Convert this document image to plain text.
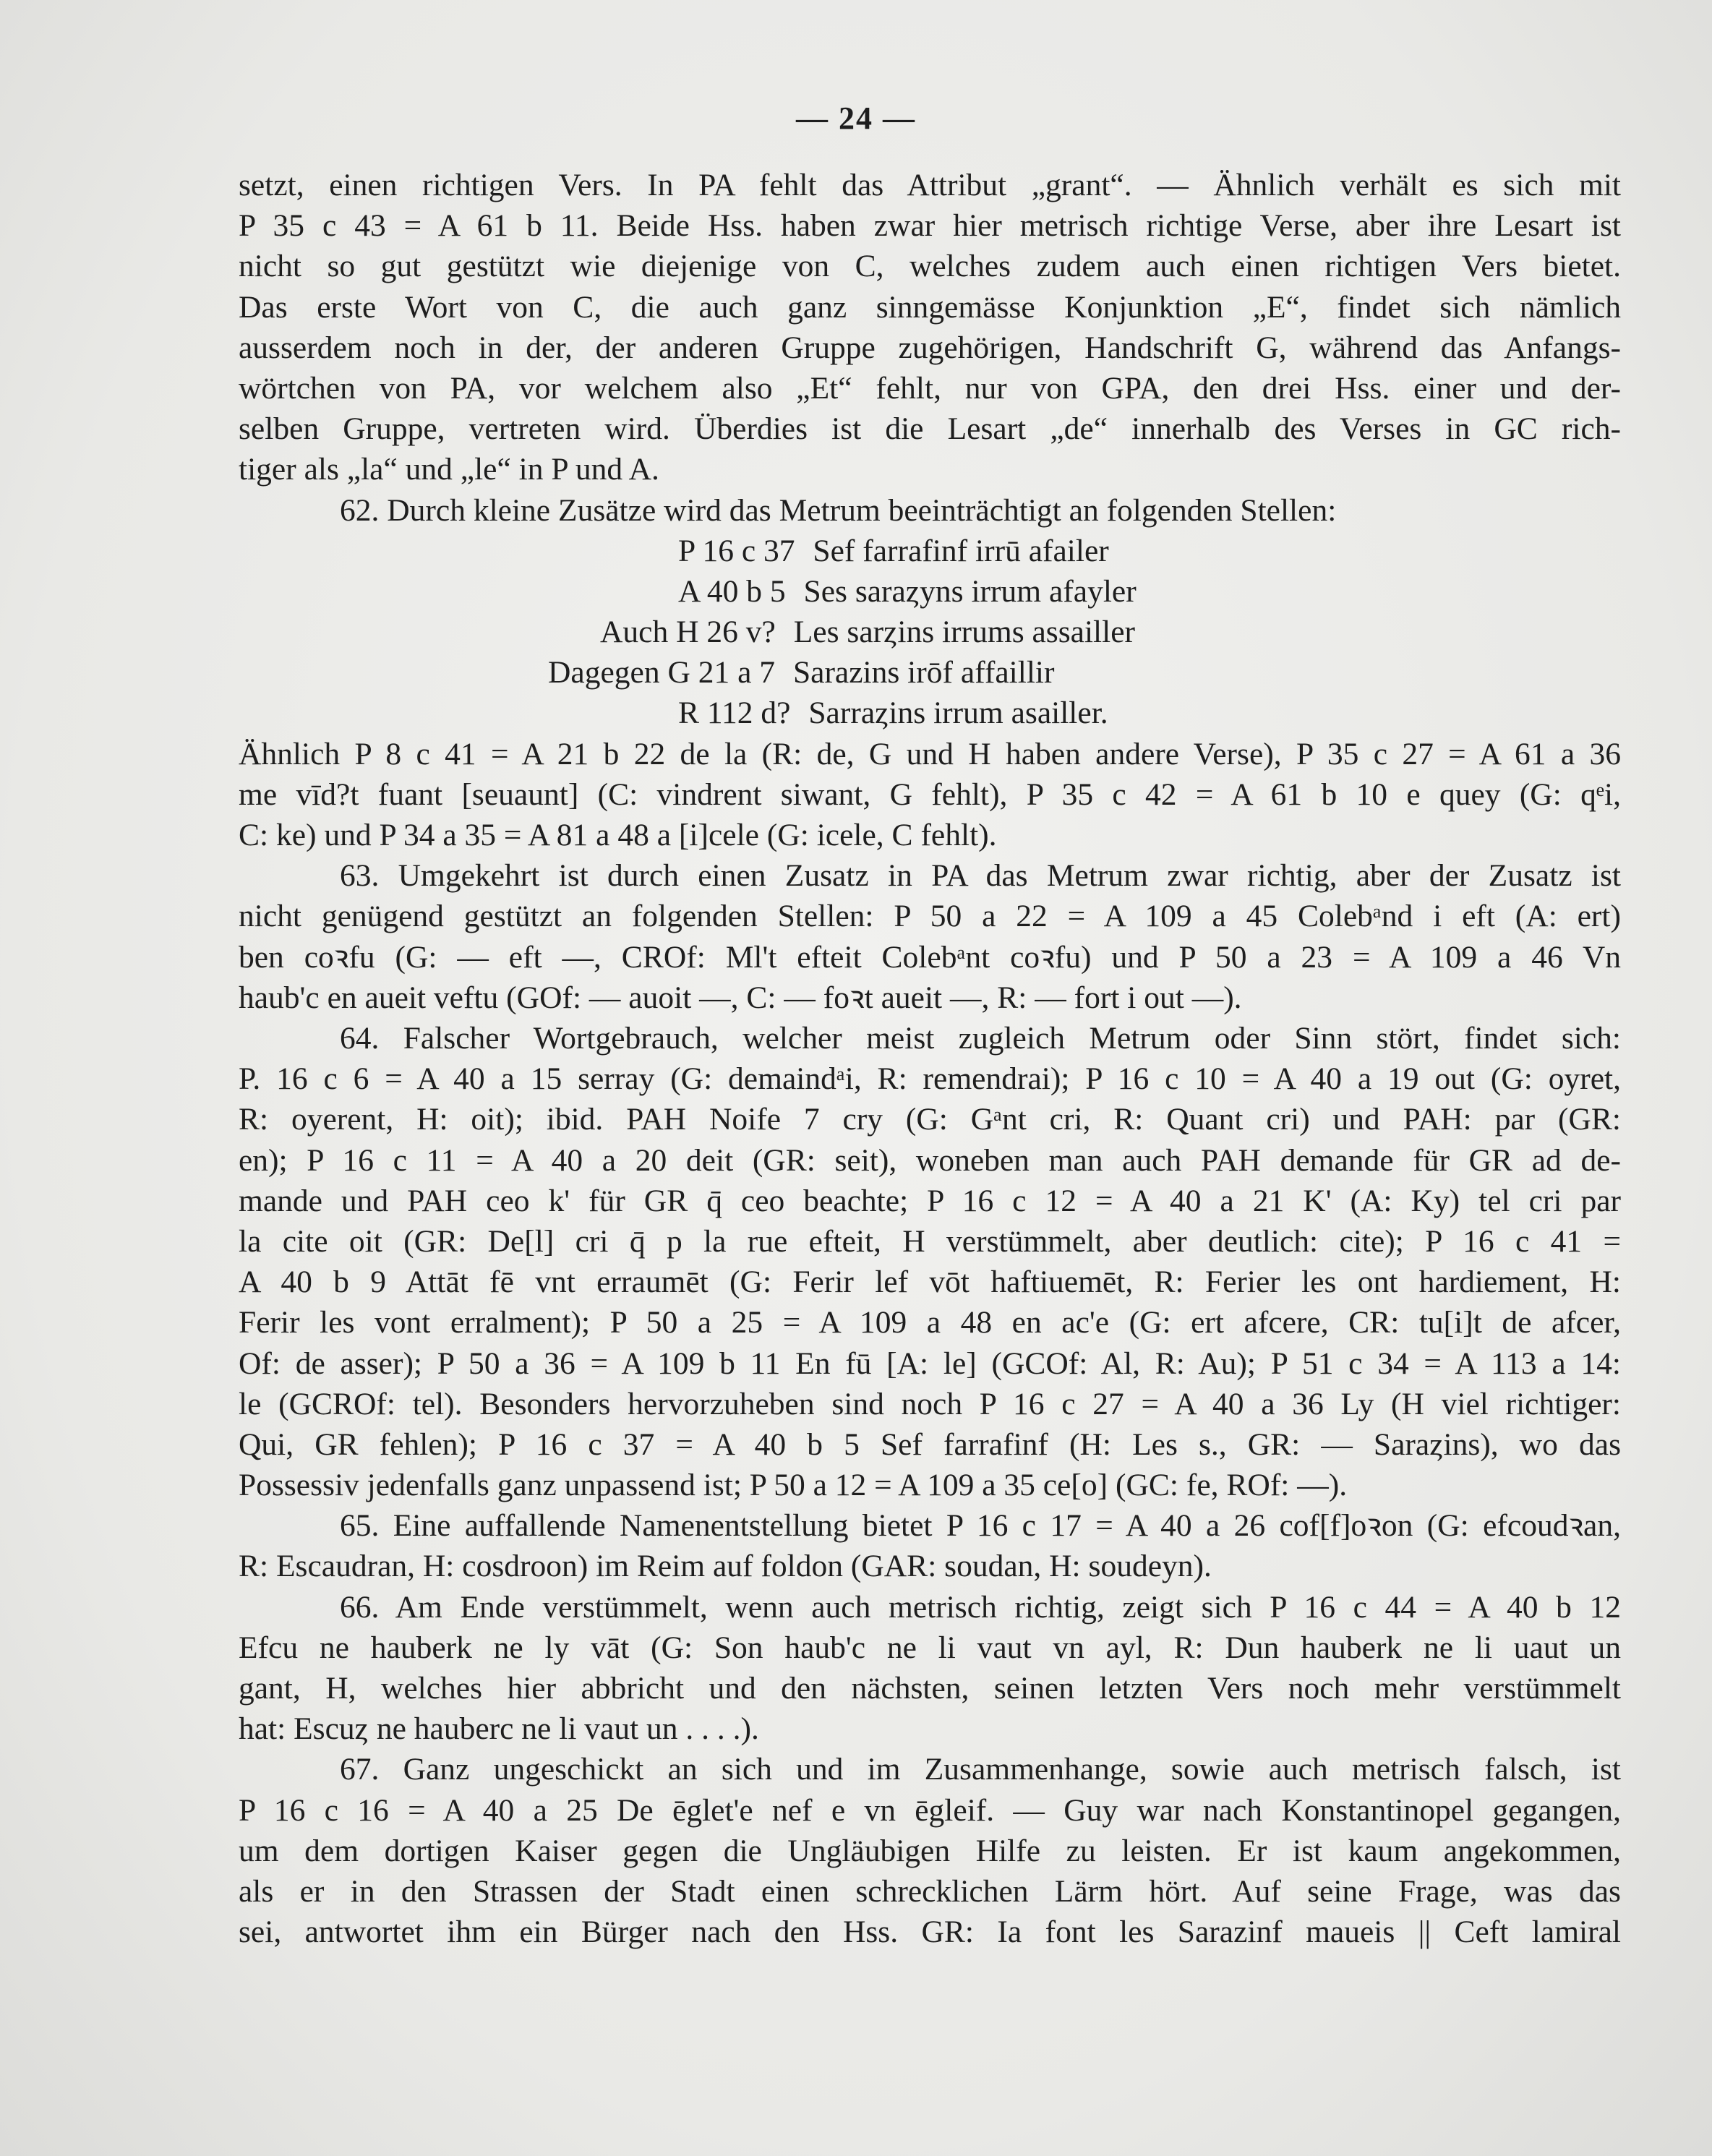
— 24 —
setzt, einen richtigen Vers. In PA fehlt das Attribut „grant“. — Ähnlich verhält es sich mit
P 35 c 43 = A 61 b 11. Beide Hss. haben zwar hier metrisch richtige Verse, aber ihre Lesart ist
nicht so gut gestützt wie diejenige von C, welches zudem auch einen richtigen Vers bietet.
Das erste Wort von C, die auch ganz sinngemässe Konjunktion „E“, findet sich nämlich
ausserdem noch in der, der anderen Gruppe zugehörigen, Handschrift G, während das Anfangs-
wörtchen von PA, vor welchem also „Et“ fehlt, nur von GPA, den drei Hss. einer und der-
selben Gruppe, vertreten wird. Überdies ist die Lesart „de“ innerhalb des Verses in GC rich-
tiger als „la“ und „le“ in P und A.
62. Durch kleine Zusätze wird das Metrum beeinträchtigt an folgenden Stellen:
P 16 c 37 Sef farrafinf irrū afailer
A 40 b 5 Ses saraȥyns irrum afayler
Auch H 26 v? Les sarȥins irrums assailler
Dagegen G 21 a 7 Sarazins irōf affaillir
R 112 d? Sarraȥins irrum asailler.
Ähnlich P 8 c 41 = A 21 b 22 de la (R: de, G und H haben andere Verse), P 35 c 27 = A 61 a 36
me vīd?t fuant [seuaunt] (C: vindrent siwant, G fehlt), P 35 c 42 = A 61 b 10 e quey (G: qᵉi,
C: ke) und P 34 a 35 = A 81 a 48 a [i]cele (G: icele, C fehlt).
63. Umgekehrt ist durch einen Zusatz in PA das Metrum zwar richtig, aber der Zusatz ist
nicht genügend gestützt an folgenden Stellen: P 50 a 22 = A 109 a 45 Colebᵃnd i eft (A: ert)
ben coꝛfu (G: — eft —, CROf: Ml't efteit Colebᵃnt coꝛfu) und P 50 a 23 = A 109 a 46 Vn
haub'c en aueit veftu (GOf: — auoit —, C: — foꝛt aueit —, R: — fort i out —).
64. Falscher Wortgebrauch, welcher meist zugleich Metrum oder Sinn stört, findet sich:
P. 16 c 6 = A 40 a 15 serray (G: demaindᵃi, R: remendrai); P 16 c 10 = A 40 a 19 out (G: oyret,
R: oyerent, H: oit); ibid. PAH Noife 7 cry (G: Gᵃnt cri, R: Quant cri) und PAH: par (GR:
en); P 16 c 11 = A 40 a 20 deit (GR: seit), woneben man auch PAH demande für GR ad de-
mande und PAH ceo k' für GR q̄ ceo beachte; P 16 c 12 = A 40 a 21 K' (A: Ky) tel cri par
la cite oit (GR: De[l] cri q̄ p la rue efteit, H verstümmelt, aber deutlich: cite); P 16 c 41 =
A 40 b 9 Attāt fē vnt erraumēt (G: Ferir lef vōt haftiuemēt, R: Ferier les ont hardiement, H:
Ferir les vont erralment); P 50 a 25 = A 109 a 48 en ac'e (G: ert afcere, CR: tu[i]t de afcer,
Of: de asser); P 50 a 36 = A 109 b 11 En fū [A: le] (GCOf: Al, R: Au); P 51 c 34 = A 113 a 14:
le (GCROf: tel). Besonders hervorzuheben sind noch P 16 c 27 = A 40 a 36 Ly (H viel richtiger:
Qui, GR fehlen); P 16 c 37 = A 40 b 5 Sef farrafinf (H: Les s., GR: — Saraȥins), wo das
Possessiv jedenfalls ganz unpassend ist; P 50 a 12 = A 109 a 35 ce[o] (GC: fe, ROf: —).
65. Eine auffallende Namenentstellung bietet P 16 c 17 = A 40 a 26 cof[f]oꝛon (G: efcoudꝛan,
R: Escaudran, H: cosdroon) im Reim auf foldon (GAR: soudan, H: soudeyn).
66. Am Ende verstümmelt, wenn auch metrisch richtig, zeigt sich P 16 c 44 = A 40 b 12
Efcu ne hauberk ne ly vāt (G: Son haub'c ne li vaut vn ayl, R: Dun hauberk ne li uaut un
gant, H, welches hier abbricht und den nächsten, seinen letzten Vers noch mehr verstümmelt
hat: Escuȥ ne hauberc ne li vaut un . . . .).
67. Ganz ungeschickt an sich und im Zusammenhange, sowie auch metrisch falsch, ist
P 16 c 16 = A 40 a 25 De ēglet'e nef e vn ēgleif. — Guy war nach Konstantinopel gegangen,
um dem dortigen Kaiser gegen die Ungläubigen Hilfe zu leisten. Er ist kaum angekommen,
als er in den Strassen der Stadt einen schrecklichen Lärm hört. Auf seine Frage, was das
sei, antwortet ihm ein Bürger nach den Hss. GR: Ia font les Sarazinf maueis || Ceft lamiral
